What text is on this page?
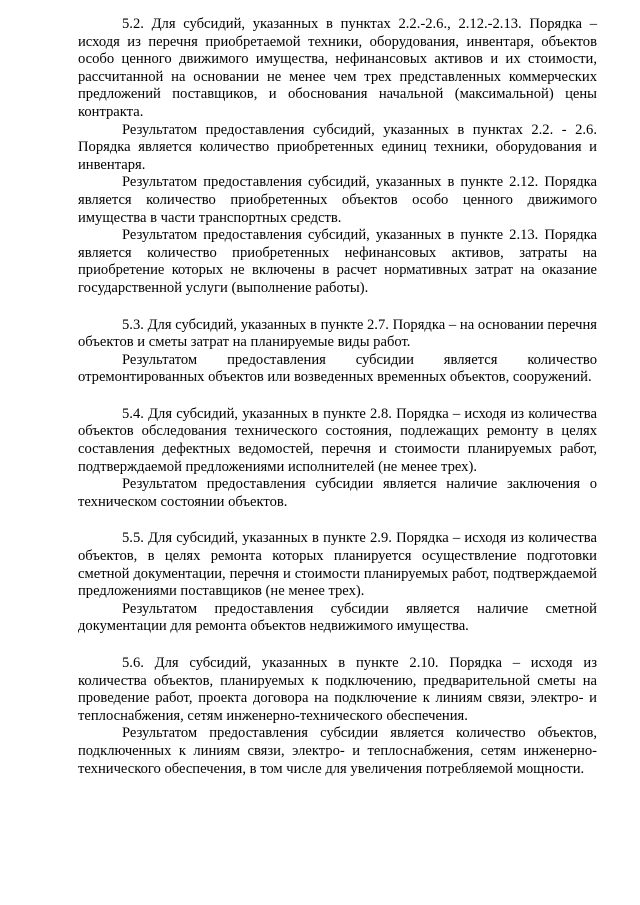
5.2. Для субсидий, указанных в пунктах 2.2.-2.6., 2.12.-2.13. Порядка – исходя из перечня приобретаемой техники, оборудования, инвентаря, объектов особо ценного движимого имущества, нефинансовых активов и их стоимости, рассчитанной на основании не менее чем трех представленных коммерческих предложений поставщиков, и обоснования начальной (максимальной) цены контракта.

Результатом предоставления субсидий, указанных в пунктах 2.2. - 2.6. Порядка является количество приобретенных единиц техники, оборудования и инвентаря.

Результатом предоставления субсидий, указанных в пункте 2.12. Порядка является количество приобретенных объектов особо ценного движимого имущества в части транспортных средств.

Результатом предоставления субсидий, указанных в пункте 2.13. Порядка является количество приобретенных нефинансовых активов, затраты на приобретение которых не включены в расчет нормативных затрат на оказание государственной услуги (выполнение работы).

5.3. Для субсидий, указанных в пункте 2.7. Порядка – на основании перечня объектов и сметы затрат на планируемые виды работ.

Результатом предоставления субсидии является количество отремонтированных объектов или возведенных временных объектов, сооружений.

5.4. Для субсидий, указанных в пункте 2.8. Порядка – исходя из количества объектов обследования технического состояния, подлежащих ремонту в целях составления дефектных ведомостей, перечня и стоимости планируемых работ, подтверждаемой предложениями исполнителей (не менее трех).

Результатом предоставления субсидии является наличие заключения о техническом состоянии объектов.

5.5. Для субсидий, указанных в пункте 2.9. Порядка – исходя из количества объектов, в целях ремонта которых планируется осуществление подготовки сметной документации, перечня и стоимости планируемых работ, подтверждаемой предложениями поставщиков (не менее трех).

Результатом предоставления субсидии является наличие сметной документации для ремонта объектов недвижимого имущества.

5.6. Для субсидий, указанных в пункте 2.10. Порядка – исходя из количества объектов, планируемых к подключению, предварительной сметы на проведение работ, проекта договора на подключение к линиям связи, электро- и теплоснабжения, сетям инженерно-технического обеспечения.

Результатом предоставления субсидии является количество объектов, подключенных к линиям связи, электро- и теплоснабжения, сетям инженерно-технического обеспечения, в том числе для увеличения потребляемой мощности.
